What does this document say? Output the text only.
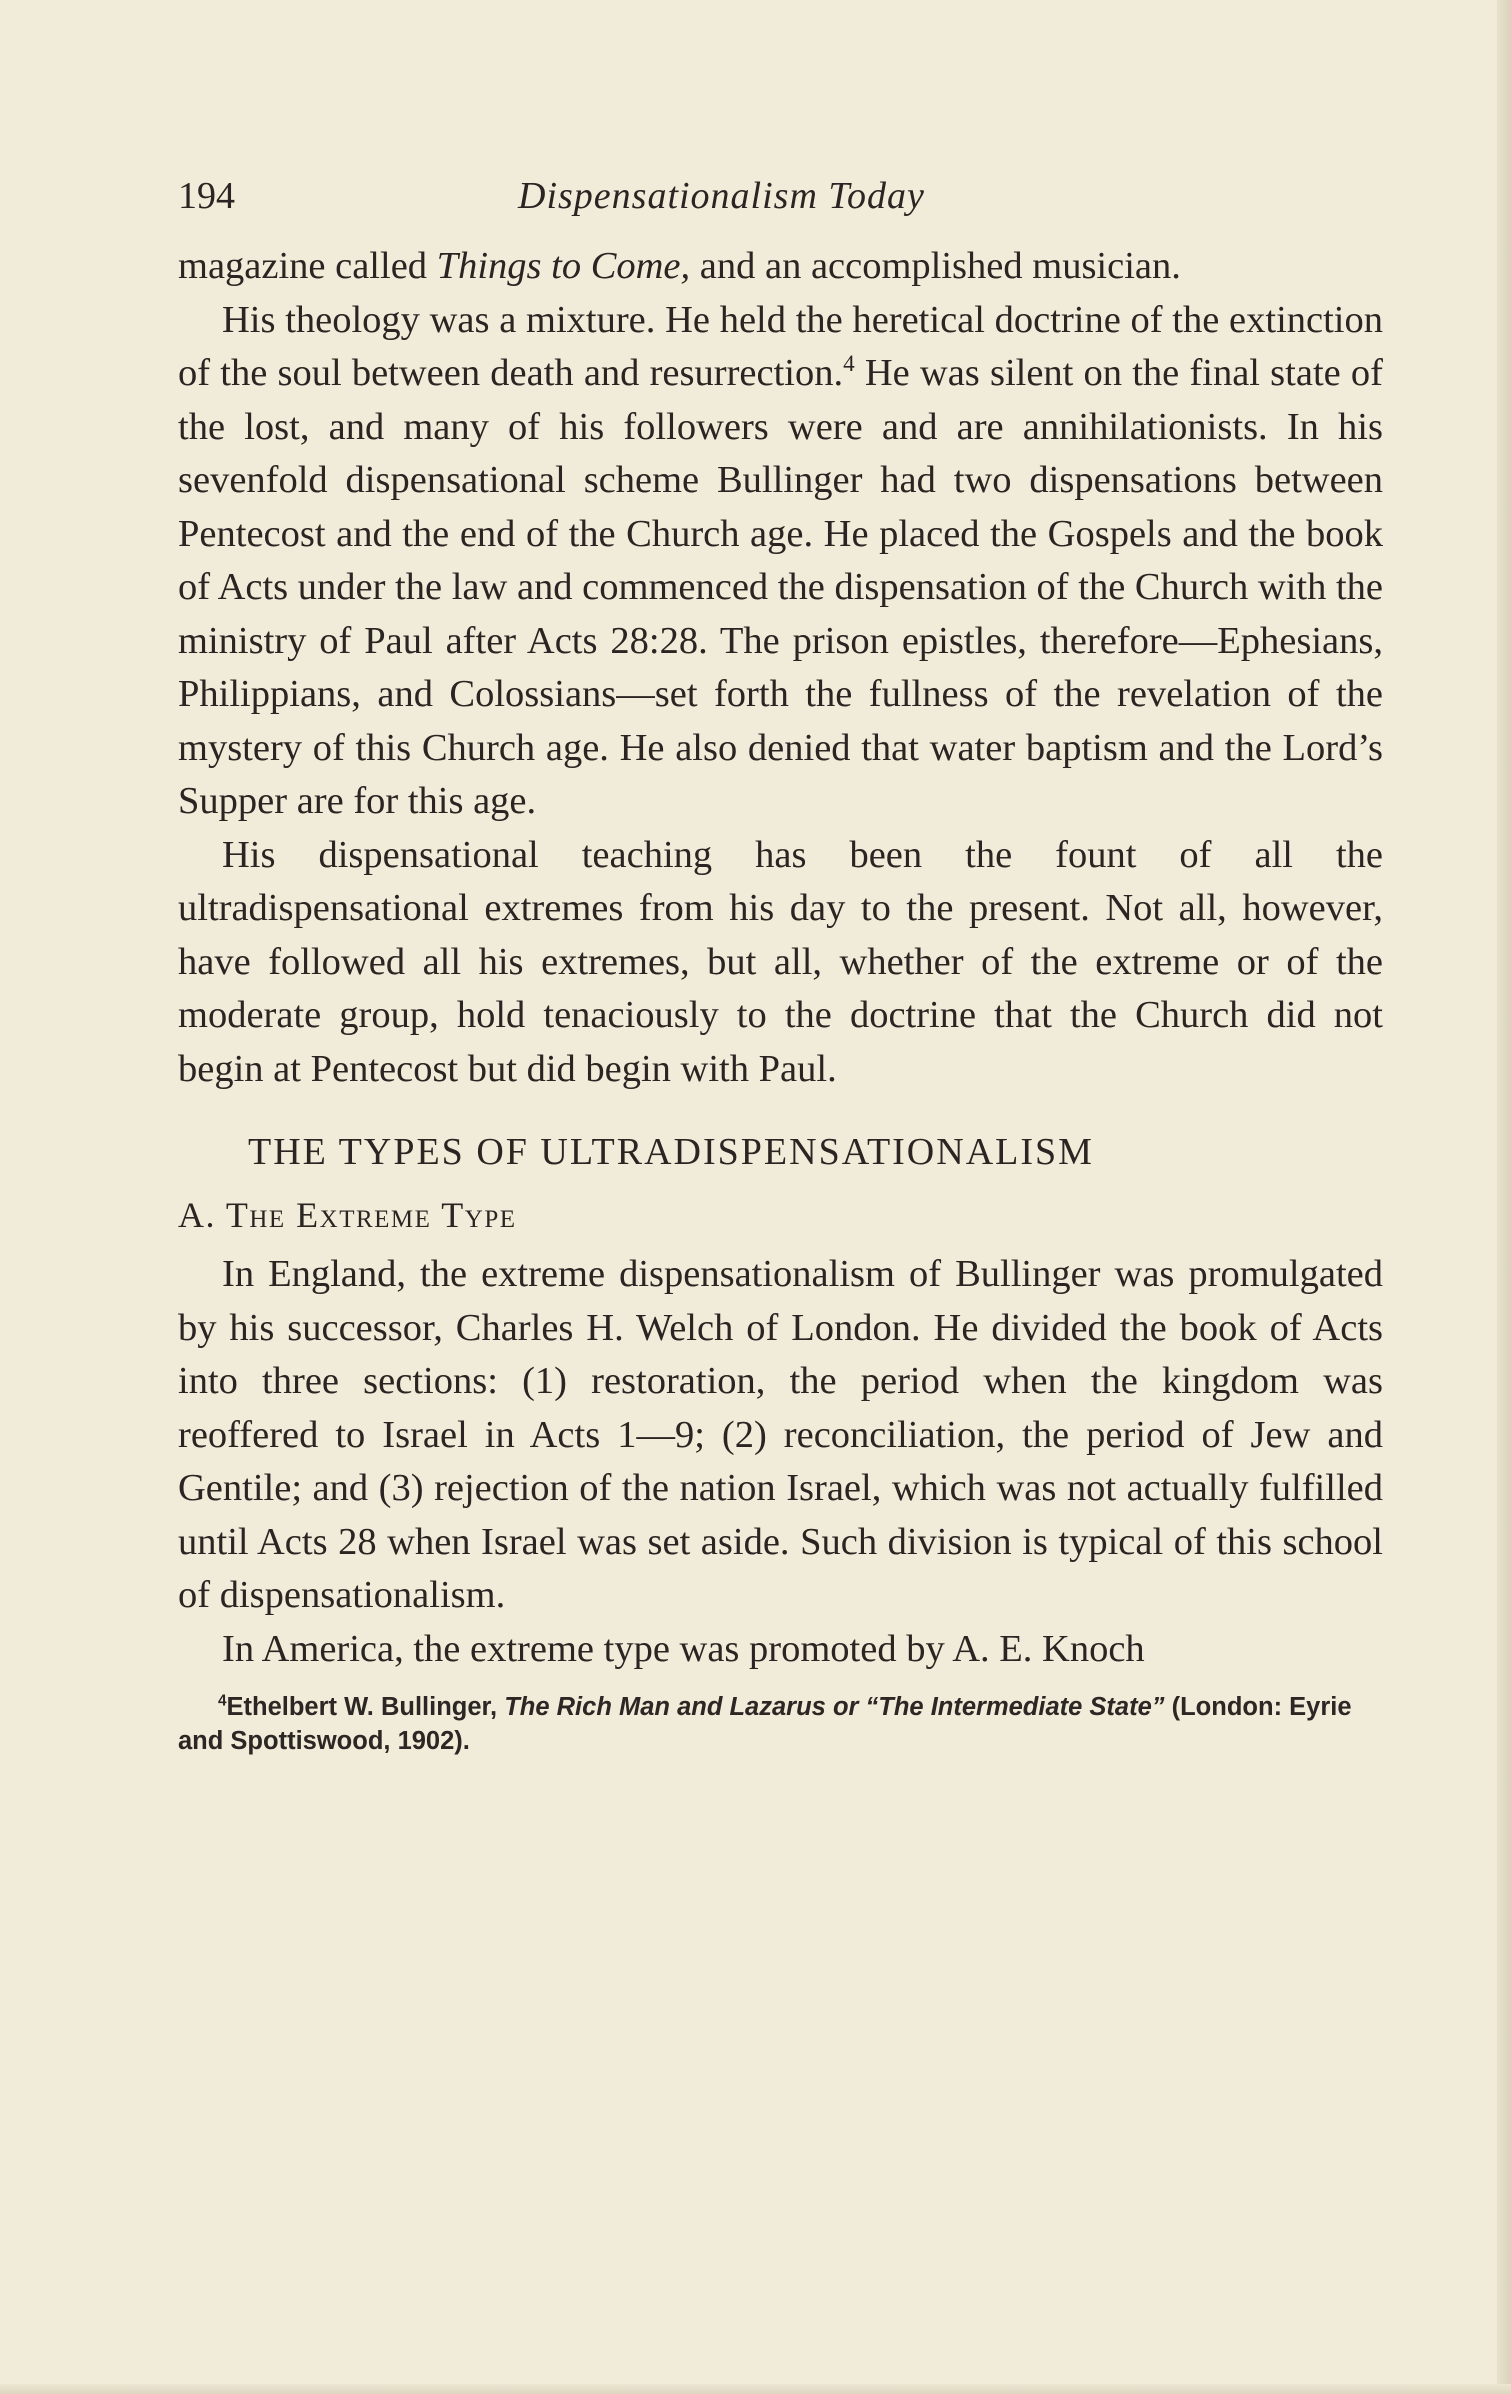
194	Dispensationalism Today

magazine called Things to Come, and an accomplished musician.

His theology was a mixture. He held the heretical doctrine of the extinction of the soul between death and resurrection.$^4$ He was silent on the final state of the lost, and many of his followers were and are annihilationists. In his sevenfold dispensational scheme Bullinger had two dispensations between Pentecost and the end of the Church age. He placed the Gospels and the book of Acts under the law and commenced the dispensation of the Church with the ministry of Paul after Acts 28:28. The prison epistles, therefore—Ephesians, Philippians, and Colossians—set forth the fullness of the revelation of the mystery of this Church age. He also denied that water baptism and the Lord’s Supper are for this age.

His dispensational teaching has been the fount of all the ultradispensational extremes from his day to the present. Not all, however, have followed all his extremes, but all, whether of the extreme or of the moderate group, hold tenaciously to the doctrine that the Church did not begin at Pentecost but did begin with Paul.

THE TYPES OF ULTRADISPENSATIONALISM
A. The Extreme Type

In England, the extreme dispensationalism of Bullinger was promulgated by his successor, Charles H. Welch of London. He divided the book of Acts into three sections: (1) restoration, the period when the kingdom was reoffered to Israel in Acts 1—9; (2) reconciliation, the period of Jew and Gentile; and (3) rejection of the nation Israel, which was not actually fulfilled until Acts 28 when Israel was set aside. Such division is typical of this school of dispensationalism.

In America, the extreme type was promoted by A. E. Knoch

$^4$Ethelbert W. Bullinger, The Rich Man and Lazarus or “The Intermediate State” (London: Eyrie and Spottiswood, 1902).
